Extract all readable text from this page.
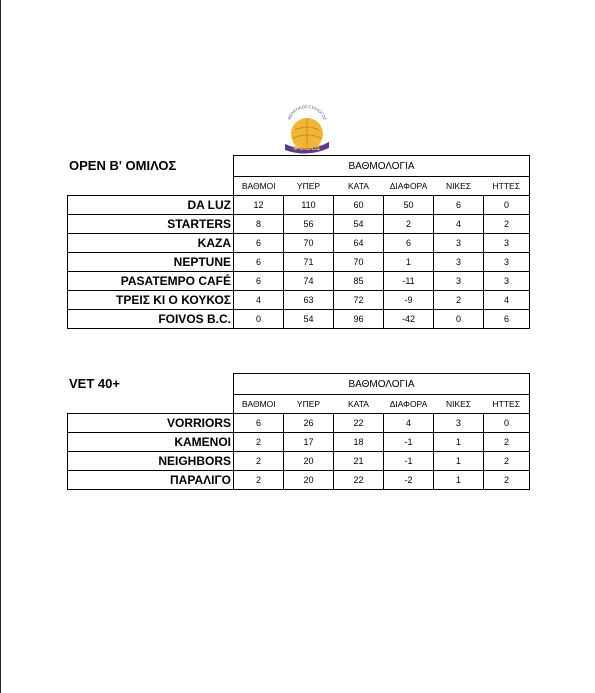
ΑΘΛΗΤΙΚΟΣ ΣΥΛΛΟΓΟΣ
ΦΟΙΒΟΣ
OPEN Β' ΟΜΙΛΟΣ
		ΒΑΘΜΟΛΟΓΙΑ					
	ΒΑΘΜΟΙ	ΥΠΕΡ	ΚΑΤΑ	ΔΙΑΦΟΡΑ	ΝΙΚΕΣ	ΗΤΤΕΣ
DA LUZ	12	110	60	50	6	0
STARTERS	8	56	54	2	4	2
ΚΑΖΑ	6	70	64	6	3	3
NEPTUNE	6	71	70	1	3	3
PASATEMPO CAFÉ	6	74	85	-11	3	3
ΤΡΕΙΣ ΚΙ Ο ΚΟΥΚΟΣ	4	63	72	-9	2	4
FOIVOS B.C.	0	54	96	-42	0	6
VET 40+
		ΒΑΘΜΟΛΟΓΙΑ					
	ΒΑΘΜΟΙ	ΥΠΕΡ	ΚΑΤΑ	ΔΙΑΦΟΡΑ	ΝΙΚΕΣ	ΗΤΤΕΣ
VORRIORS	6	26	22	4	3	0
ΚΑΜΕΝΟΙ	2	17	18	-1	1	2
NEIGHBORS	2	20	21	-1	1	2
ΠΑΡΑΛΙΓΟ	2	20	22	-2	1	2
